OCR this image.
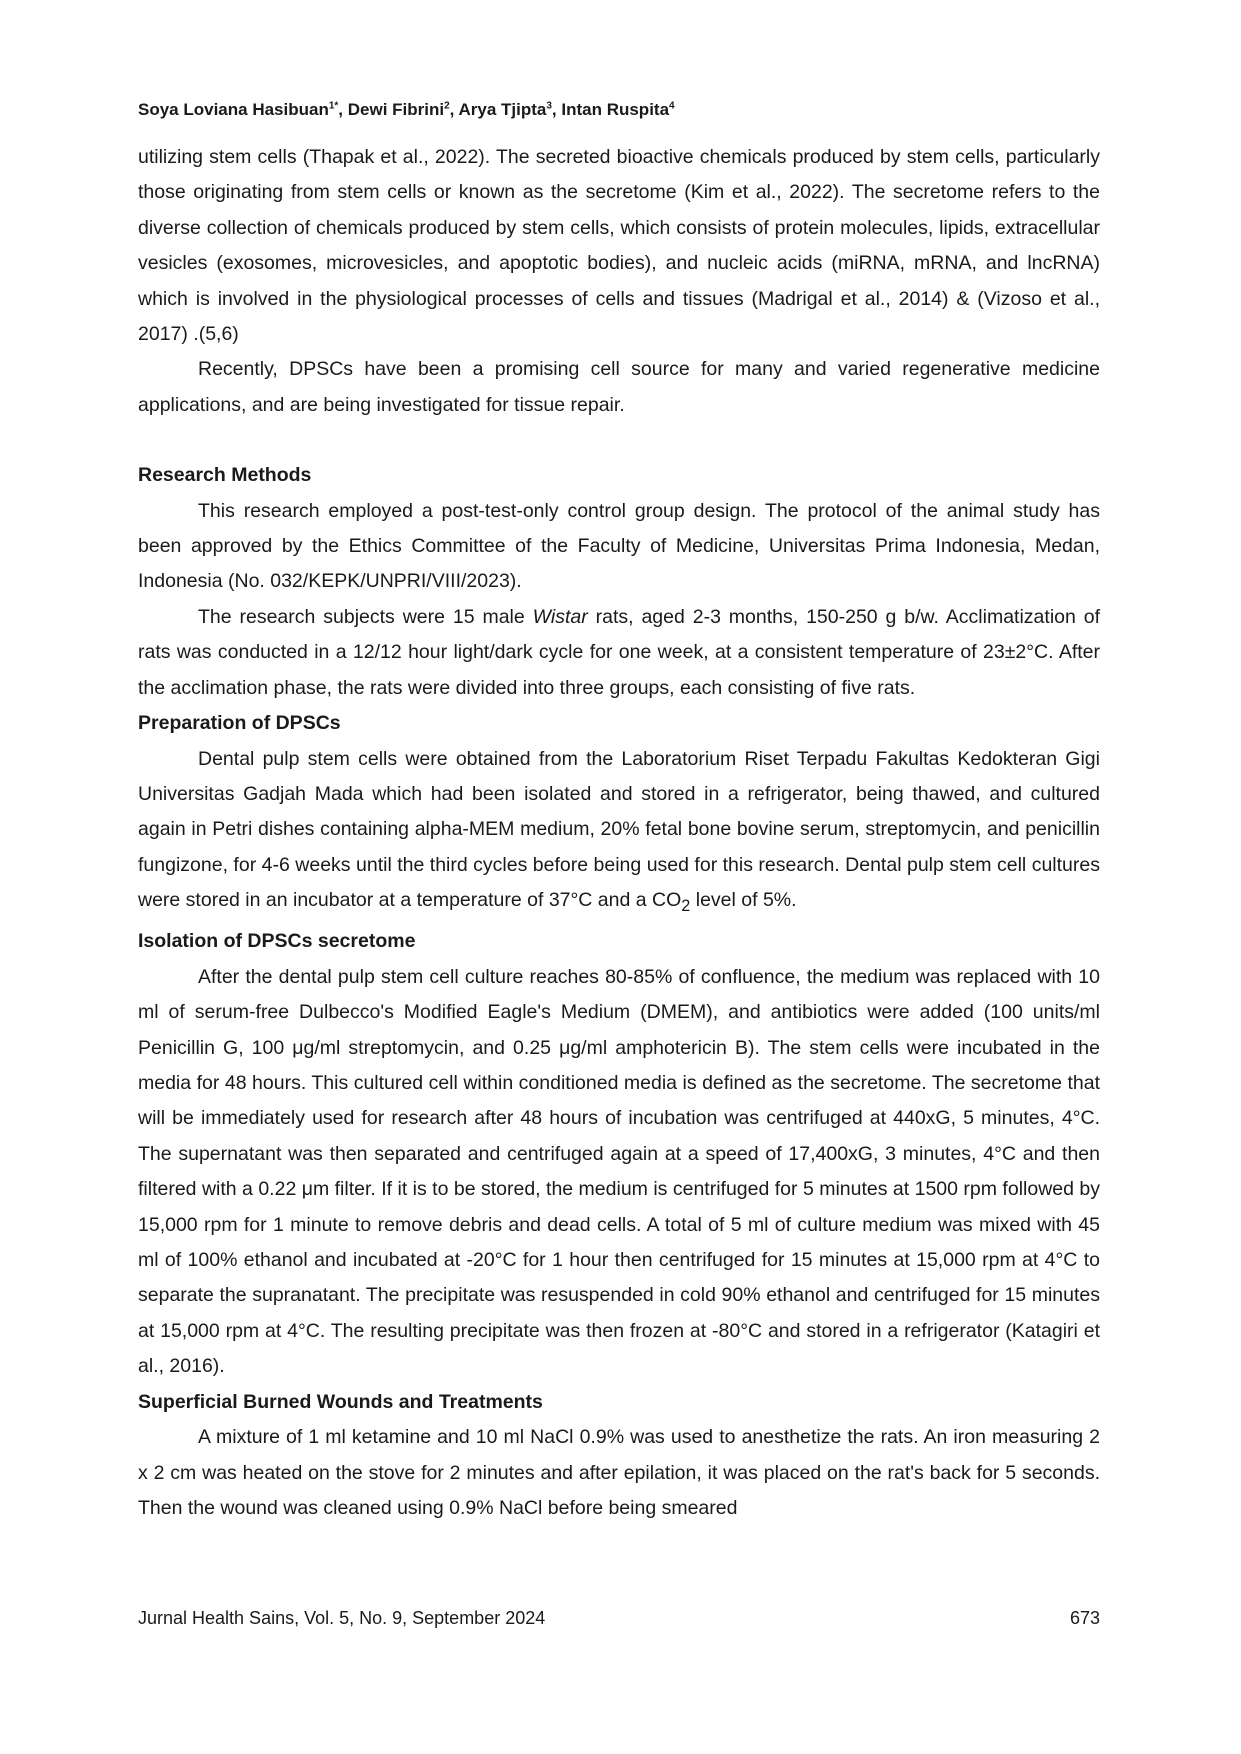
Soya Loviana Hasibuan$^{1*}$, Dewi Fibrini$^2$, Arya Tjipta$^3$, Intan Ruspita$^4$

utilizing stem cells (Thapak et al., 2022). The secreted bioactive chemicals produced by stem cells, particularly those originating from stem cells or known as the secretome (Kim et al., 2022). The secretome refers to the diverse collection of chemicals produced by stem cells, which consists of protein molecules, lipids, extracellular vesicles (exosomes, microvesicles, and apoptotic bodies), and nucleic acids (miRNA, mRNA, and lncRNA) which is involved in the physiological processes of cells and tissues (Madrigal et al., 2014) & (Vizoso et al., 2017) .(5,6)

Recently, DPSCs have been a promising cell source for many and varied regenerative medicine applications, and are being investigated for tissue repair.

Research Methods

This research employed a post-test-only control group design. The protocol of the animal study has been approved by the Ethics Committee of the Faculty of Medicine, Universitas Prima Indonesia, Medan, Indonesia (No. 032/KEPK/UNPRI/VIII/2023).

The research subjects were 15 male Wistar rats, aged 2-3 months, 150-250 g b/w. Acclimatization of rats was conducted in a 12/12 hour light/dark cycle for one week, at a consistent temperature of 23±2°C. After the acclimation phase, the rats were divided into three groups, each consisting of five rats.

Preparation of DPSCs

Dental pulp stem cells were obtained from the Laboratorium Riset Terpadu Fakultas Kedokteran Gigi Universitas Gadjah Mada which had been isolated and stored in a refrigerator, being thawed, and cultured again in Petri dishes containing alpha-MEM medium, 20% fetal bone bovine serum, streptomycin, and penicillin fungizone, for 4-6 weeks until the third cycles before being used for this research. Dental pulp stem cell cultures were stored in an incubator at a temperature of 37°C and a $CO_2$ level of 5%.

Isolation of DPSCs secretome

After the dental pulp stem cell culture reaches 80-85% of confluence, the medium was replaced with 10 ml of serum-free Dulbecco's Modified Eagle's Medium (DMEM), and antibiotics were added (100 units/ml Penicillin G, 100 μg/ml streptomycin, and 0.25 μg/ml amphotericin B). The stem cells were incubated in the media for 48 hours. This cultured cell within conditioned media is defined as the secretome. The secretome that will be immediately used for research after 48 hours of incubation was centrifuged at 440xG, 5 minutes, 4°C. The supernatant was then separated and centrifuged again at a speed of 17,400xG, 3 minutes, 4°C and then filtered with a 0.22 μm filter. If it is to be stored, the medium is centrifuged for 5 minutes at 1500 rpm followed by 15,000 rpm for 1 minute to remove debris and dead cells. A total of 5 ml of culture medium was mixed with 45 ml of 100% ethanol and incubated at -20°C for 1 hour then centrifuged for 15 minutes at 15,000 rpm at 4°C to separate the supranatant. The precipitate was resuspended in cold 90% ethanol and centrifuged for 15 minutes at 15,000 rpm at 4°C. The resulting precipitate was then frozen at -80°C and stored in a refrigerator (Katagiri et al., 2016).

Superficial Burned Wounds and Treatments

A mixture of 1 ml ketamine and 10 ml NaCl 0.9% was used to anesthetize the rats. An iron measuring 2 x 2 cm was heated on the stove for 2 minutes and after epilation, it was placed on the rat's back for 5 seconds. Then the wound was cleaned using 0.9% NaCl before being smeared

Jurnal Health Sains, Vol. 5, No. 9, September 2024	673
